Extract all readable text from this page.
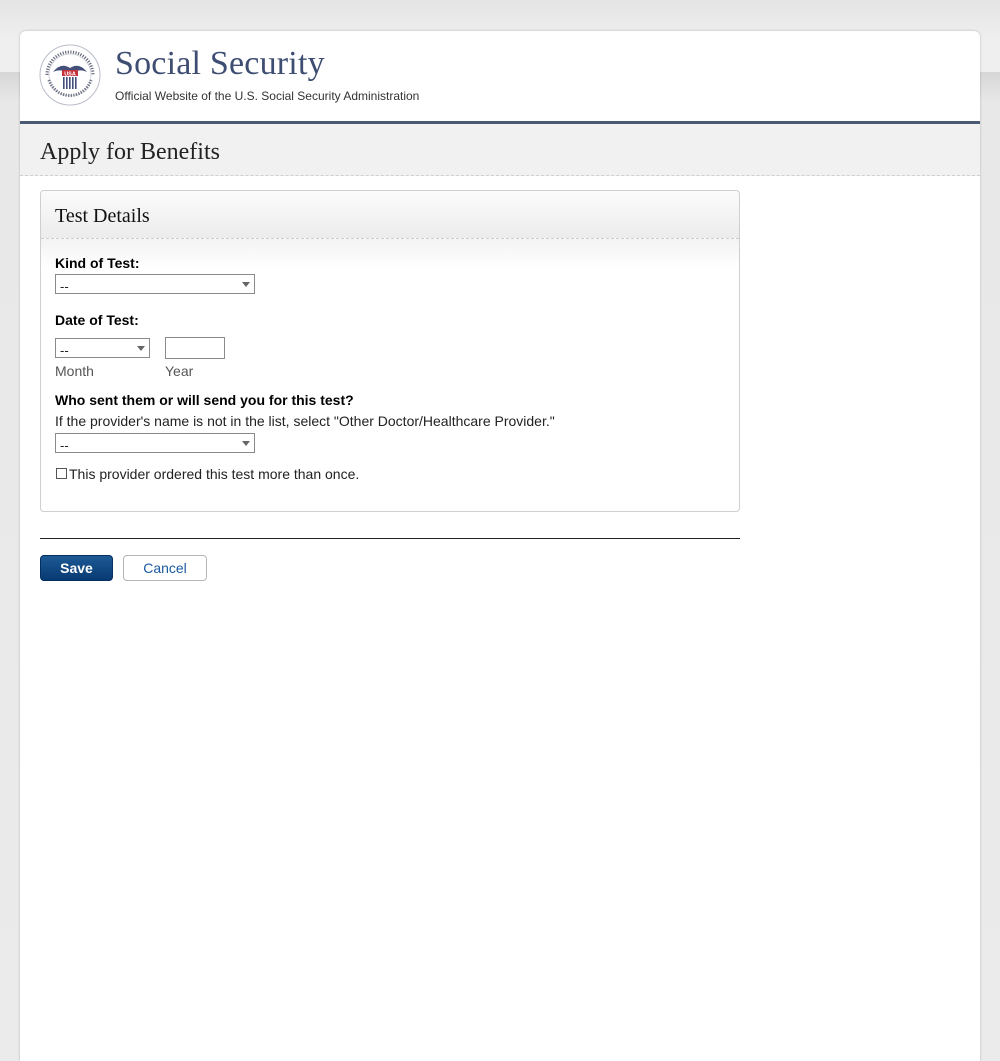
USA Social Security
Official Website of the U.S. Social Security Administration
Apply for Benefits
Test Details
Kind of Test:
--
Date of Test:
--
Month	Year
Who sent them or will send you for this test?
If the provider's name is not in the list, select "Other Doctor/Healthcare Provider."
--
This provider ordered this test more than once.
Save	Cancel
